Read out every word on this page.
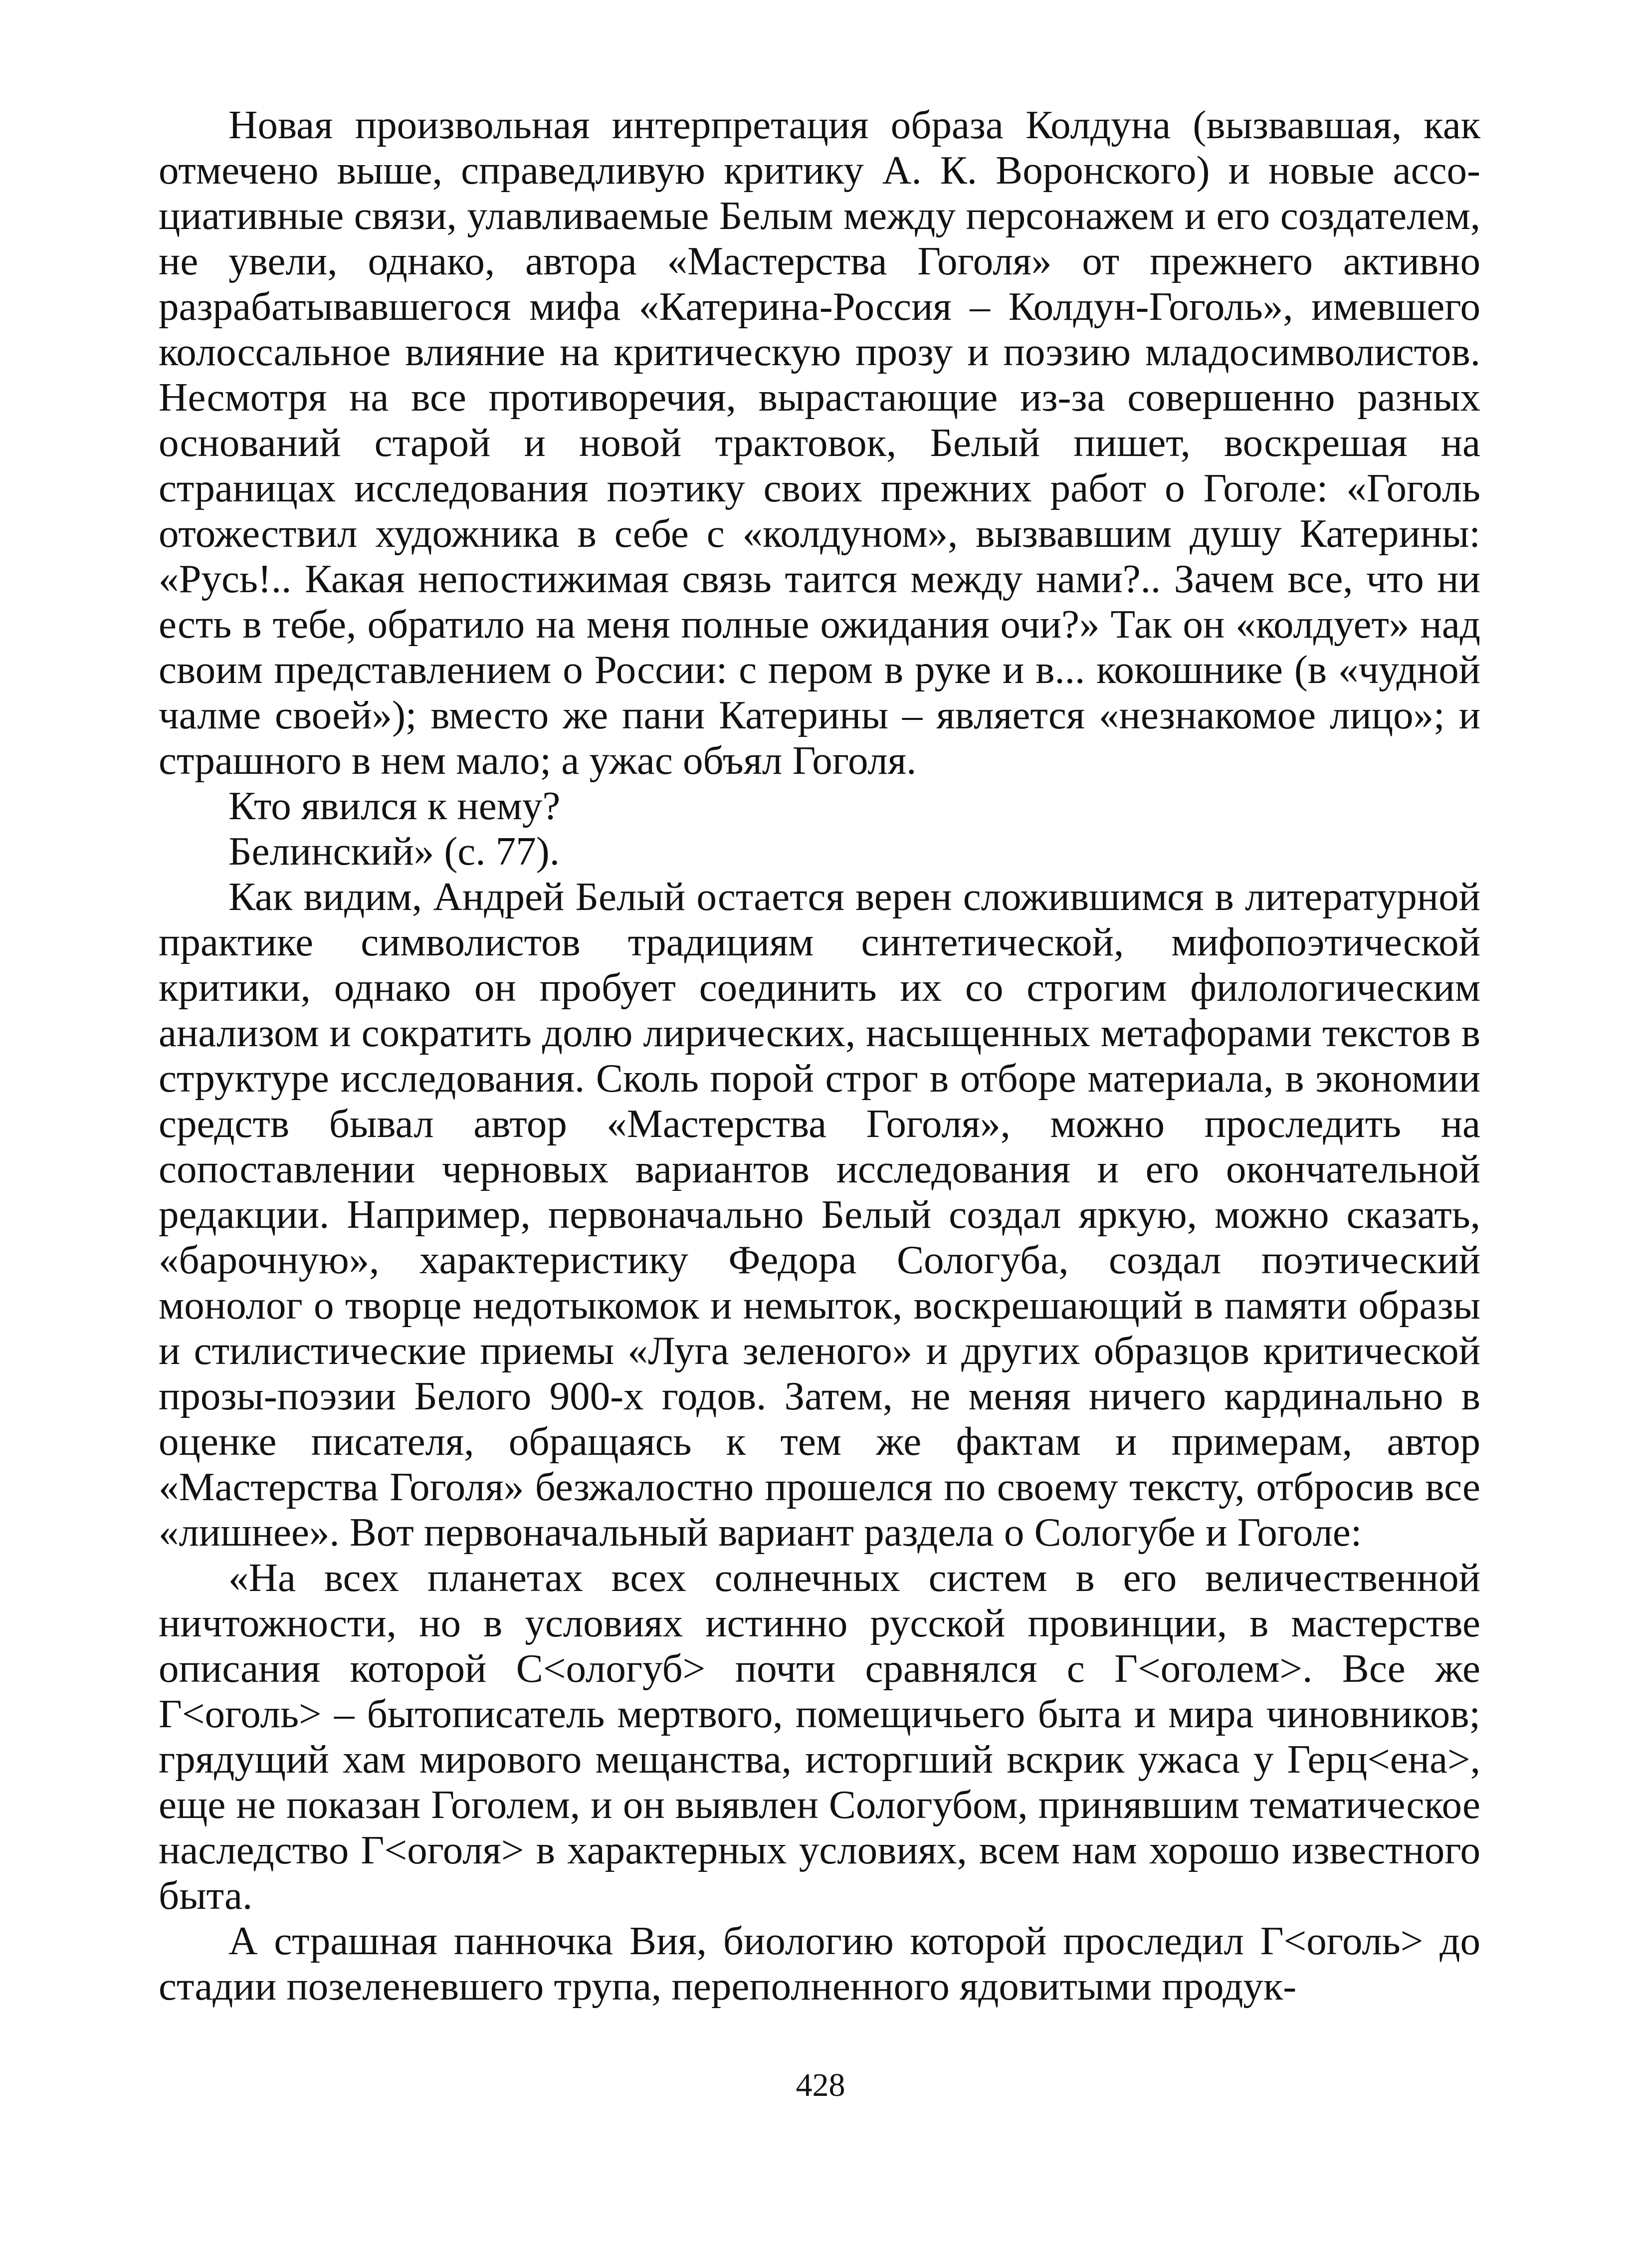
Новая произвольная интерпретация образа Колдуна (вызвавшая, как отмечено выше, справедливую критику А. К. Воронского) и новые ассоциативные связи, улавливаемые Белым между персонажем и его создателем, не увели, однако, автора «Мастерства Гоголя» от прежнего активно разрабатывавшегося мифа «Катерина-Россия – Колдун-Гоголь», имевшего колоссальное влияние на критическую прозу и поэзию младосимволистов. Несмотря на все противоречия, вырастающие из-за совершенно разных оснований старой и новой трактовок, Белый пишет, воскрешая на страницах исследования поэтику своих прежних работ о Гоголе: «Гоголь отожествил художника в себе с «колдуном», вызвавшим душу Катерины: «Русь!.. Какая непостижимая связь таится между нами?.. Зачем все, что ни есть в тебе, обратило на меня полные ожидания очи?» Так он «колдует» над своим представлением о России: с пером в руке и в... кокошнике (в «чудной чалме своей»); вместо же пани Катерины – является «незнакомое лицо»; и страшного в нем мало; а ужас объял Гоголя.

Кто явился к нему?

Белинский» (с. 77).

Как видим, Андрей Белый остается верен сложившимся в литературной практике символистов традициям синтетической, мифопоэтической критики, однако он пробует соединить их со строгим филологическим анализом и сократить долю лирических, насыщенных метафорами текстов в структуре исследования. Сколь порой строг в отборе материала, в экономии средств бывал автор «Мастерства Гоголя», можно проследить на сопоставлении черновых вариантов исследования и его окончательной редакции. Например, первоначально Белый создал яркую, можно сказать, «барочную», характеристику Федора Сологуба, создал поэтический монолог о творце недотыкомок и немыток, воскрешающий в памяти образы и стилистические приемы «Луга зеленого» и других образцов критической прозы-поэзии Белого 900-х годов. Затем, не меняя ничего кардинально в оценке писателя, обращаясь к тем же фактам и примерам, автор «Мастерства Гоголя» безжалостно прошелся по своему тексту, отбросив все «лишнее». Вот первоначальный вариант раздела о Сологубе и Гоголе:

«На всех планетах всех солнечных систем в его величественной ничтожности, но в условиях истинно русской провинции, в мастерстве описания которой С<ологуб> почти сравнялся с Г<оголем>. Все же Г<оголь> – бытописатель мертвого, помещичьего быта и мира чиновников; грядущий хам мирового мещанства, исторгший вскрик ужаса у Герц<ена>, еще не показан Гоголем, и он выявлен Сологубом, принявшим тематическое наследство Г<оголя> в характерных условиях, всем нам хорошо известного быта.

А страшная панночка Вия, биологию которой проследил Г<оголь> до стадии позеленевшего трупа, переполненного ядовитыми продук-

428
